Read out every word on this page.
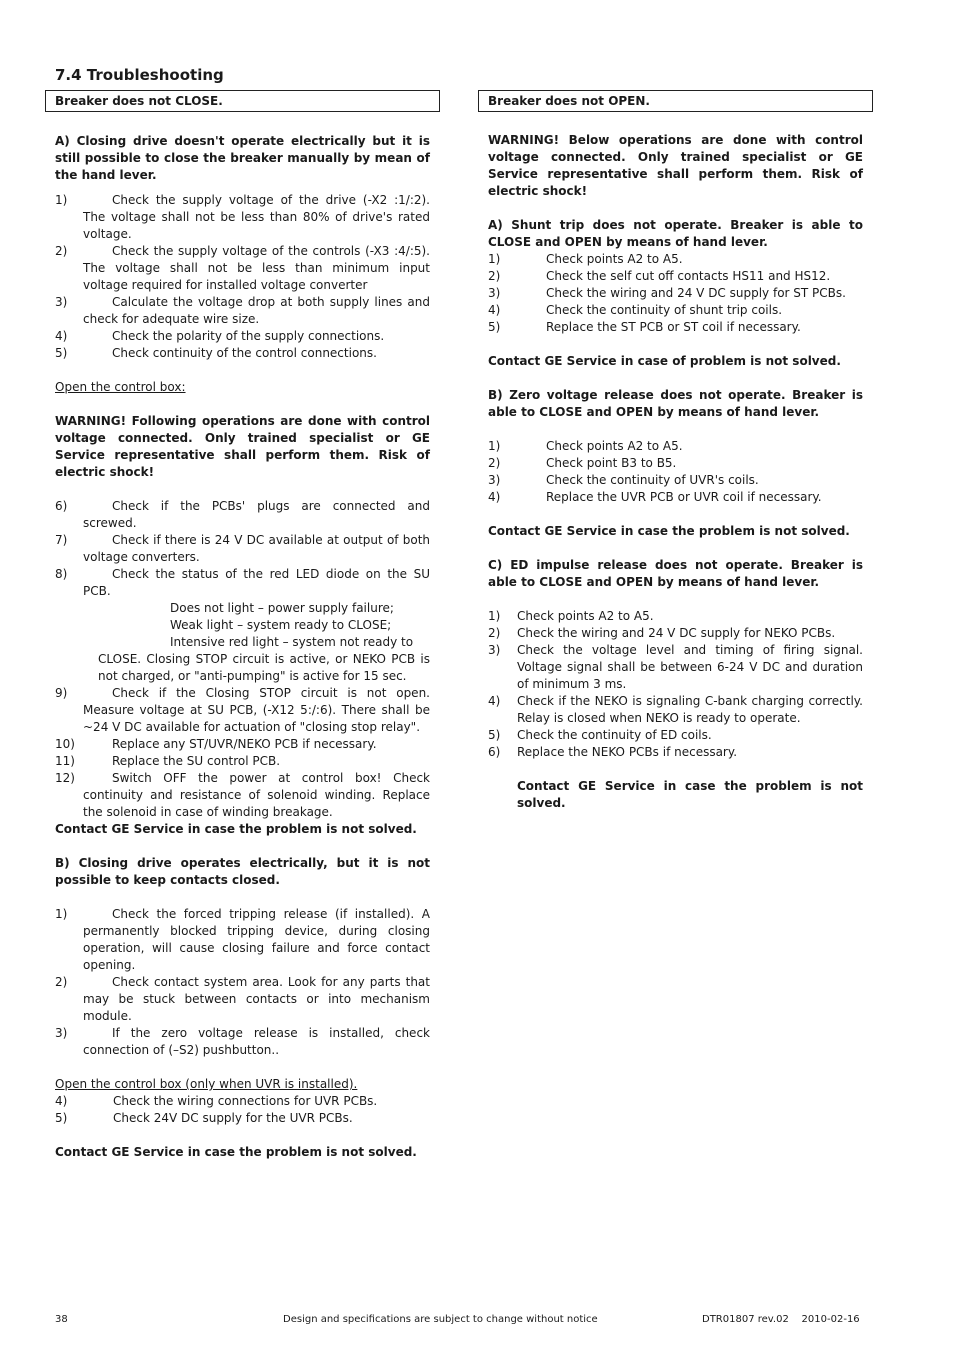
7.4 Troubleshooting
Breaker does not CLOSE.

A) Closing drive doesn't operate electrically but it is still possible to close the breaker manually by mean of the hand lever.

1)	Check the supply voltage of the drive (-X2 :1/:2). The voltage shall not be less than 80% of drive's rated voltage.
2)	Check the supply voltage of the controls (-X3 :4/:5). The voltage shall not be less than minimum input voltage required for installed voltage converter
3)	Calculate the voltage drop at both supply lines and check for adequate wire size.
4)	Check the polarity of the supply connections.
5)	Check continuity of the control connections.

Open the control box:

WARNING! Following operations are done with control voltage connected. Only trained specialist or GE Service representative shall perform them. Risk of electric shock!

6)	Check if the PCBs' plugs are connected and screwed.
7)	Check if there is 24 V DC available at output of both voltage converters.
8)	Check the status of the red LED diode on the SU PCB.
Does not light – power supply failure;
Weak light – system ready to CLOSE;
Intensive red light – system not ready to

CLOSE. Closing STOP circuit is active, or NEKO PCB is not charged, or "anti-pumping" is active for 15 sec.

9)	Check if the Closing STOP circuit is not open. Measure voltage at SU PCB, (-X12 5:/:6). There shall be ~24 V DC available for actuation of "closing stop relay".
10)	Replace any ST/UVR/NEKO PCB if necessary.
11)	Replace the SU control PCB.
12)	Switch OFF the power at control box! Check continuity and resistance of solenoid winding. Replace the solenoid in case of winding breakage.

Contact GE Service in case the problem is not solved.

B) Closing drive operates electrically, but it is not possible to keep contacts closed.

1)	Check the forced tripping release (if installed). A permanently blocked tripping device, during closing operation, will cause closing failure and force contact opening.
2)	Check contact system area. Look for any parts that may be stuck between contacts or into mechanism module.
3)	If the zero voltage release is installed, check connection of (–S2) pushbutton..

Open the control box (only when UVR is installed).

4)	Check the wiring connections for UVR PCBs.
5)	Check 24V DC supply for the UVR PCBs.

Contact GE Service in case the problem is not solved.

Breaker does not OPEN.

WARNING! Below operations are done with control voltage connected. Only trained specialist or GE Service representative shall perform them. Risk of electric shock!

A) Shunt trip does not operate. Breaker is able to CLOSE and OPEN by means of hand lever.

1)	Check points A2 to A5.
2)	Check the self cut off contacts HS11 and HS12.
3)	Check the wiring and 24 V DC supply for ST PCBs.
4)	Check the continuity of shunt trip coils.
5)	Replace the ST PCB or ST coil if necessary.

Contact GE Service in case of problem is not solved.

B) Zero voltage release does not operate. Breaker is able to CLOSE and OPEN by means of hand lever.

1)	Check points A2 to A5.
2)	Check point B3 to B5.
3)	Check the continuity of UVR's coils.
4)	Replace the UVR PCB or UVR coil if necessary.

Contact GE Service in case the problem is not solved.

C) ED impulse release does not operate. Breaker is able to CLOSE and OPEN by means of hand lever.

1)	Check points A2 to A5.
2)	Check the wiring and 24 V DC supply for NEKO PCBs.
3)	Check the voltage level and timing of firing signal. Voltage signal shall be between 6-24 V DC and duration of minimum 3 ms.
4)	Check if the NEKO is signaling C-bank charging correctly. Relay is closed when NEKO is ready to operate.
5)	Check the continuity of ED coils.
6)	Replace the NEKO PCBs if necessary.

Contact GE Service in case the problem is not solved.

38	Design and specifications are subject to change without notice	DTR01807 rev.02    2010-02-16
